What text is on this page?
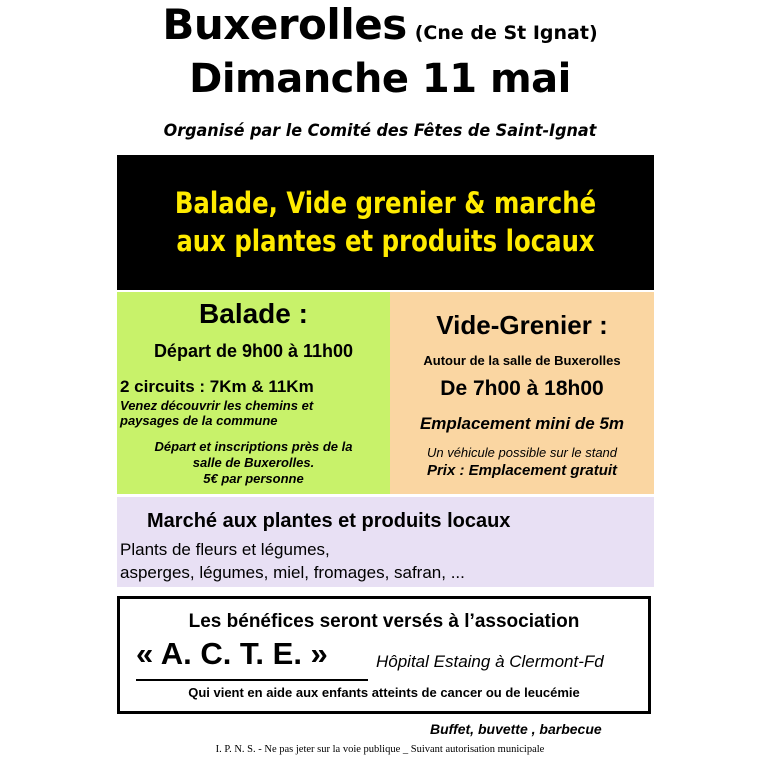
Buxerolles (Cne de St Ignat)
Dimanche 11 mai
Organisé par le Comité des Fêtes de Saint-Ignat
Balade, Vide grenier & marché
aux plantes et produits locaux
Balade :
Départ de 9h00 à 11h00
2 circuits : 7Km & 11Km
Venez découvrir les chemins et
paysages de la commune
Départ et inscriptions près de la
salle de Buxerolles.
5€ par personne
Vide-Grenier :
Autour de la salle de Buxerolles
De 7h00 à 18h00
Emplacement mini de 5m
Un véhicule possible sur le stand
Prix : Emplacement gratuit
Marché aux plantes et produits locaux
Plants de fleurs et légumes,
asperges, légumes, miel, fromages, safran, ...
Les bénéfices seront versés à l’association
« A. C. T. E. »	Hôpital Estaing à Clermont-Fd
Qui vient en aide aux enfants atteints de cancer ou de leucémie
Buffet, buvette , barbecue
I. P. N. S. - Ne pas jeter sur la voie publique _ Suivant autorisation municipale
